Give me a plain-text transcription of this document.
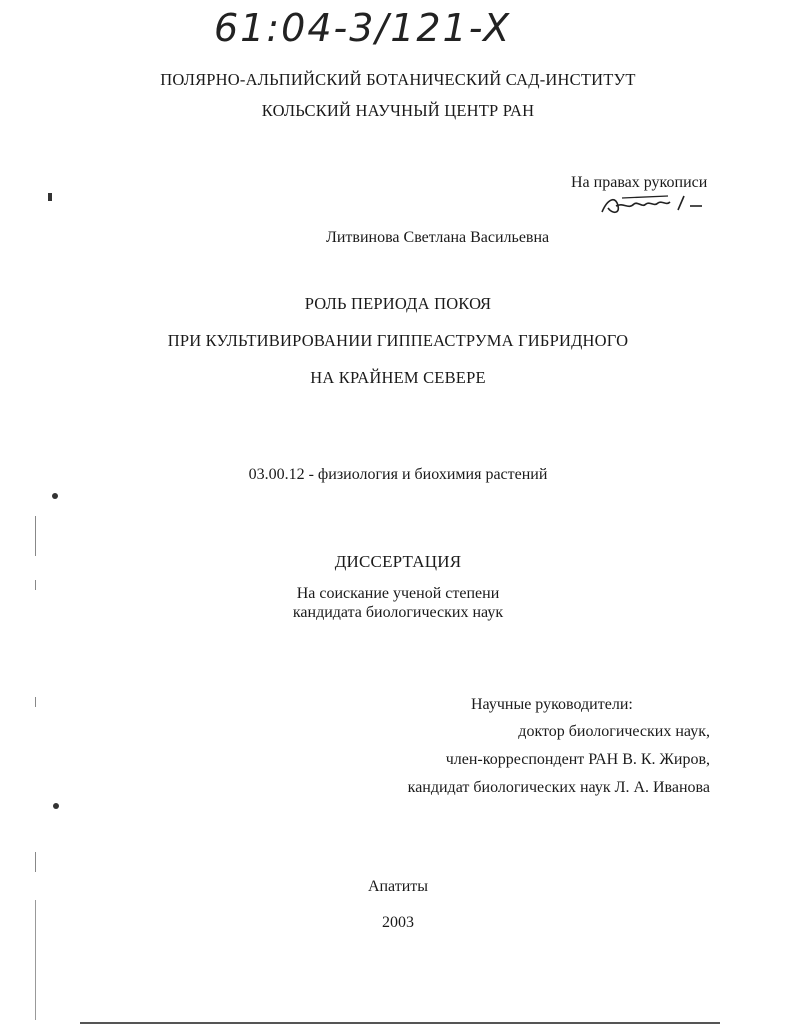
61:04-3/121-X
ПОЛЯРНО-АЛЬПИЙСКИЙ БОТАНИЧЕСКИЙ САД-ИНСТИТУТ
КОЛЬСКИЙ НАУЧНЫЙ ЦЕНТР РАН
На правах рукописи
Литвинова Светлана Васильевна
РОЛЬ ПЕРИОДА ПОКОЯ
ПРИ КУЛЬТИВИРОВАНИИ ГИППЕАСТРУМА ГИБРИДНОГО
НА КРАЙНЕМ СЕВЕРЕ
03.00.12 - физиология и биохимия растений
ДИССЕРТАЦИЯ
На соискание ученой степени
кандидата биологических наук
Научные руководители:
доктор биологических наук,
член-корреспондент РАН В. К. Жиров,
кандидат биологических наук Л. А. Иванова
Апатиты
2003
